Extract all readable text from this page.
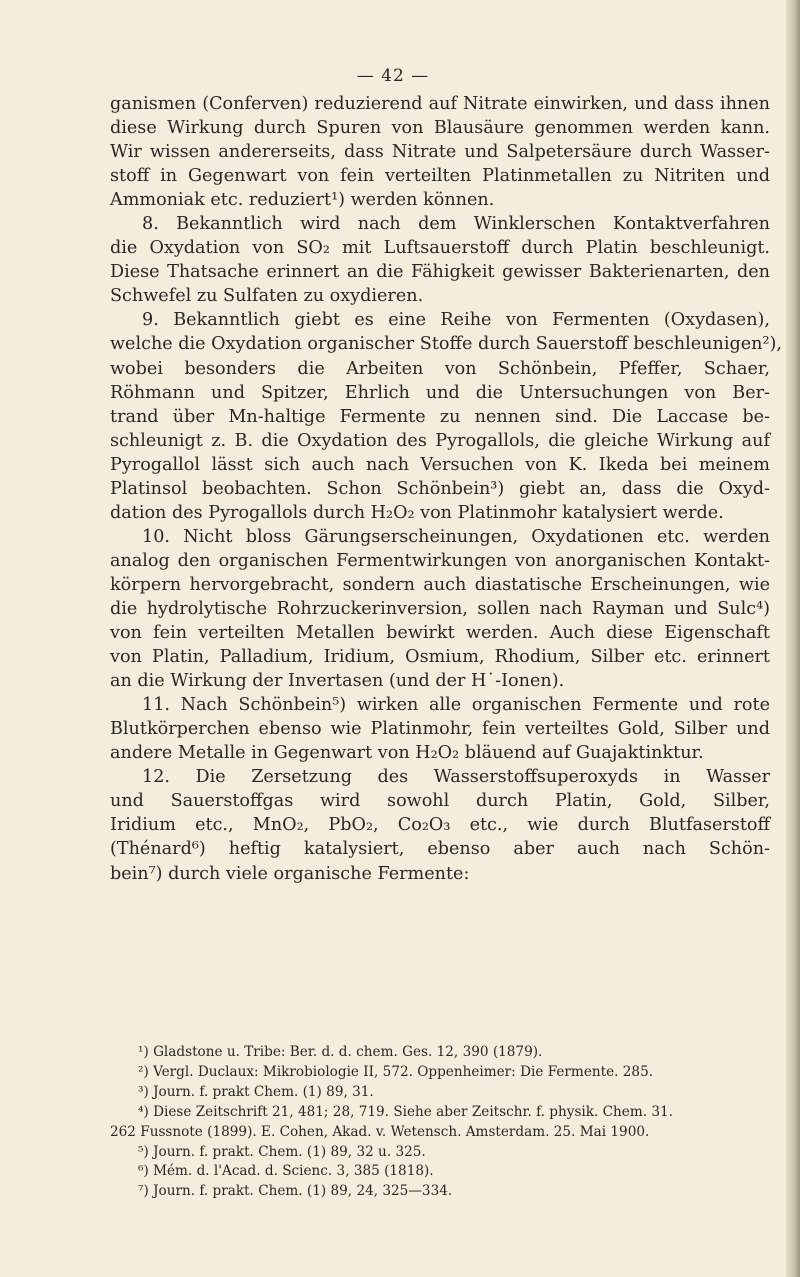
— 42 —
ganismen (Conferven) reduzierend auf Nitrate einwirken, und dass ihnen
diese Wirkung durch Spuren von Blausäure genommen werden kann.
Wir wissen andererseits, dass Nitrate und Salpetersäure durch Wasser-
stoff in Gegenwart von fein verteilten Platinmetallen zu Nitriten und
Ammoniak etc. reduziert¹) werden können.
8. Bekanntlich wird nach dem Winklerschen Kontaktverfahren
die Oxydation von SO₂ mit Luftsauerstoff durch Platin beschleunigt.
Diese Thatsache erinnert an die Fähigkeit gewisser Bakterienarten, den
Schwefel zu Sulfaten zu oxydieren.
9. Bekanntlich giebt es eine Reihe von Fermenten (Oxydasen),
welche die Oxydation organischer Stoffe durch Sauerstoff beschleunigen²),
wobei besonders die Arbeiten von Schönbein, Pfeffer, Schaer,
Röhmann und Spitzer, Ehrlich und die Untersuchungen von Ber-
trand über Mn-haltige Fermente zu nennen sind. Die Laccase be-
schleunigt z. B. die Oxydation des Pyrogallols, die gleiche Wirkung auf
Pyrogallol lässt sich auch nach Versuchen von K. Ikeda bei meinem
Platinsol beobachten. Schon Schönbein³) giebt an, dass die Oxyd-
dation des Pyrogallols durch H₂O₂ von Platinmohr katalysiert werde.
10. Nicht bloss Gärungserscheinungen, Oxydationen etc. werden
analog den organischen Fermentwirkungen von anorganischen Kontakt-
körpern hervorgebracht, sondern auch diastatische Erscheinungen, wie
die hydrolytische Rohrzuckerinversion, sollen nach Rayman und Sulc⁴)
von fein verteilten Metallen bewirkt werden. Auch diese Eigenschaft
von Platin, Palladium, Iridium, Osmium, Rhodium, Silber etc. erinnert
an die Wirkung der Invertasen (und der H˙-Ionen).
11. Nach Schönbein⁵) wirken alle organischen Fermente und rote
Blutkörperchen ebenso wie Platinmohr, fein verteiltes Gold, Silber und
andere Metalle in Gegenwart von H₂O₂ bläuend auf Guajaktinktur.
12. Die Zersetzung des Wasserstoffsuperoxyds in Wasser
und Sauerstoffgas wird sowohl durch Platin, Gold, Silber,
Iridium etc., MnO₂, PbO₂, Co₂O₃ etc., wie durch Blutfaserstoff
(Thénard⁶) heftig katalysiert, ebenso aber auch nach Schön-
bein⁷) durch viele organische Fermente:
¹) Gladstone u. Tribe: Ber. d. d. chem. Ges. 12, 390 (1879).
²) Vergl. Duclaux: Mikrobiologie II, 572. Oppenheimer: Die Fermente. 285.
³) Journ. f. prakt Chem. (1) 89, 31.
⁴) Diese Zeitschrift 21, 481; 28, 719. Siehe aber Zeitschr. f. physik. Chem. 31.
262 Fussnote (1899). E. Cohen, Akad. v. Wetensch. Amsterdam. 25. Mai 1900.
⁵) Journ. f. prakt. Chem. (1) 89, 32 u. 325.
⁶) Mém. d. l'Acad. d. Scienc. 3, 385 (1818).
⁷) Journ. f. prakt. Chem. (1) 89, 24, 325—334.
